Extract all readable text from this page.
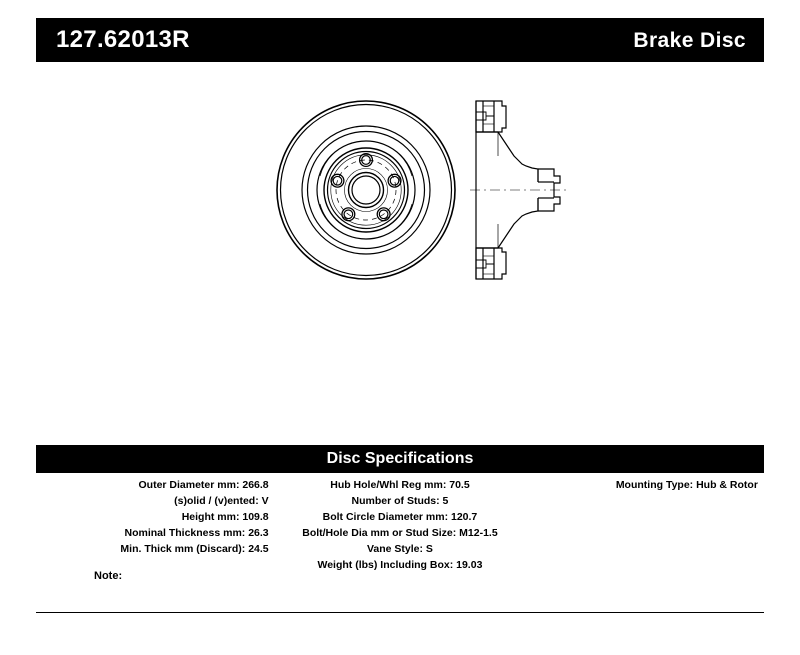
127.62013R	Brake Disc
Disc Specifications
Outer Diameter mm: 266.8
(s)olid / (v)ented: V
Height mm: 109.8
Nominal Thickness mm: 26.3
Min. Thick mm (Discard): 24.5
Hub Hole/Whl Reg mm: 70.5
Number of Studs: 5
Bolt Circle Diameter mm: 120.7
Bolt/Hole Dia mm or Stud Size: M12-1.5
Vane Style: S
Weight (lbs) Including Box: 19.03
Mounting Type: Hub & Rotor
Note:
